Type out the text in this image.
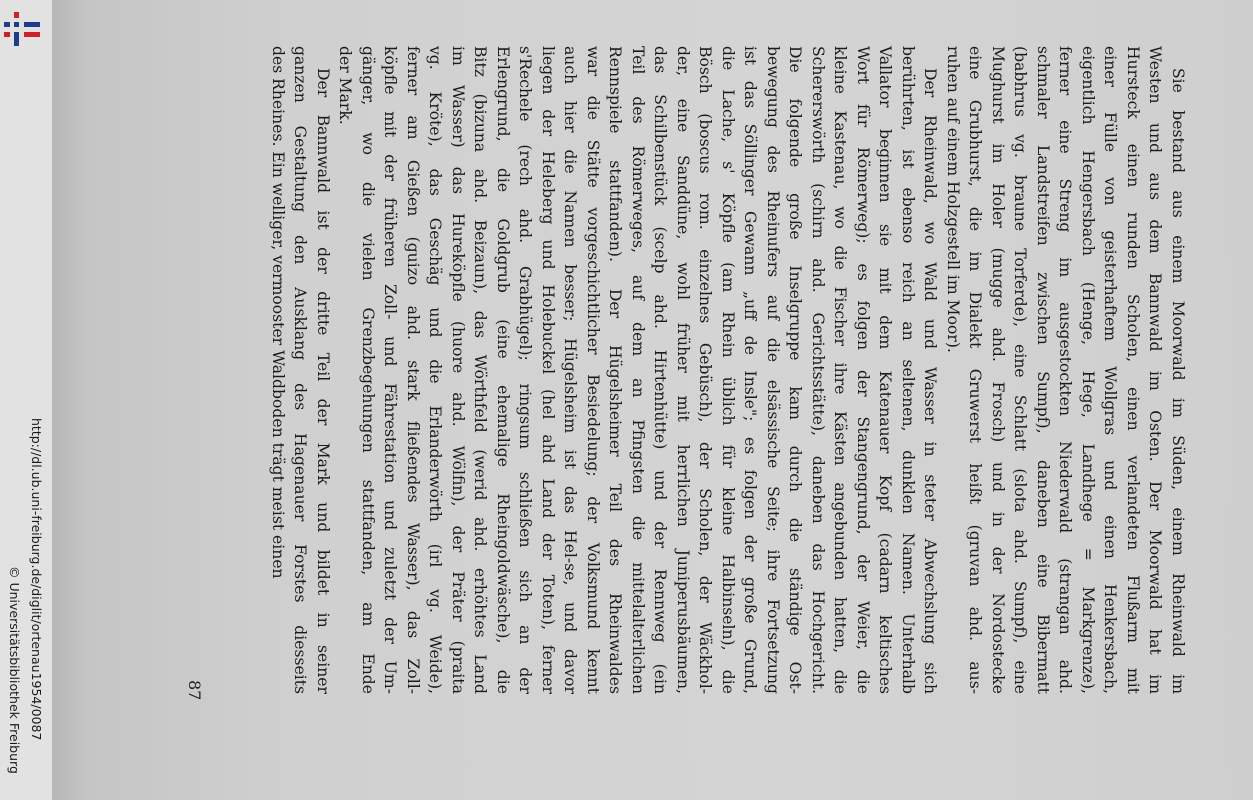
http://dl.ub.uni-freiburg.de/diglit/ortenau1954/0087
© Universitätsbibliothek Freiburg	87	Sie bestand aus einem Moorwald im Süden, einem Rheinwald im
Westen und aus dem Bannwald im Osten. Der Moorwald hat im
Hursteck einen runden Scholen, einen verlandeten Flußarm mit
einer Fülle von geisterhaftem Wollgras und einen Henkersbach,
eigentlich Hengersbach (Henge, Hege, Landhege = Markgrenze),
ferner eine Streng im ausgestockten Niederwald (strangan ahd.
schmaler Landstreifen zwischen Sumpf), daneben eine Bibermatt
(babhrus vg. braune Torferde), eine Schlatt (slota ahd. Sumpf), eine
Mughurst im Holer (mugge ahd. Frosch) und in der Nordostecke
eine Grubhurst, die im Dialekt Gruwerst heißt (gruvan ahd. aus-
ruhen auf einem Holzgestell im Moor).
Der Rheinwald, wo Wald und Wasser in steter Abwechslung sich
berührten, ist ebenso reich an seltenen, dunklen Namen. Unterhalb
Vallator beginnen sie mit dem Katenauer Kopf (cadarn keltisches
Wort für Römerweg); es folgen der Stangengrund, der Weier, die
kleine Kastenau, wo die Fischer ihre Kästen angebunden hatten, die
Schererswörth (schirn ahd. Gerichtsstätte), daneben das Hochgericht.
Die folgende große Inselgruppe kam durch die ständige Ost-
bewegung des Rheinufers auf die elsässische Seite; ihre Fortsetzung
ist das Söllinger Gewann „uff de Insle"; es folgen der große Grund,
die Lache, s' Köpfle (am Rhein üblich für kleine Halbinseln), die
Bösch (boscus rom. einzelnes Gebüsch), der Scholen, der Wäckhol-
der, eine Sanddüne, wohl früher mit herrlichen Juniperusbäumen,
das Schilbenstück (scelp ahd. Hirtenhütte) und der Rennweg (ein
Teil des Römerweges, auf dem an Pfingsten die mittelalterlichen
Rennspiele stattfanden). Der Hügelsheimer Teil des Rheinwaldes
war die Stätte vorgeschichtlicher Besiedelung; der Volksmund kennt
auch hier die Namen besser; Hügelsheim ist das Hel-se, und davor
liegen der Heleberg und Holebuckel (hel ahd Land der Toten), ferner
s'Rechele (rech ahd. Grabhügel); ringsum schließen sich an der
Erlengrund, die Goldgrub (eine ehemalige Rheingoldwäsche), die
Bitz (bizuna ahd. Beizaun), das Wörthfeld (werid ahd. erhöhtes Land
im Wasser) das Hureköpfle (huore ahd. Wölfin), der Präter (praita
vg. Kröte), das Geschäg und die Erlanderwörth (irl vg. Weide),
ferner am Gießen (guizo ahd. stark fließendes Wasser), das Zoll-
köpfle mit der früheren Zoll- und Fährestation und zuletzt der Um-
gänger, wo die vielen Grenzbegehungen stattfanden, am Ende
der Mark.
Der Bannwald ist der dritte Teil der Mark und bildet in seiner
ganzen Gestaltung den Ausklang des Hagenauer Forstes diesseits
des Rheines. Ein welliger, vermooster Waldboden trägt meist einen
